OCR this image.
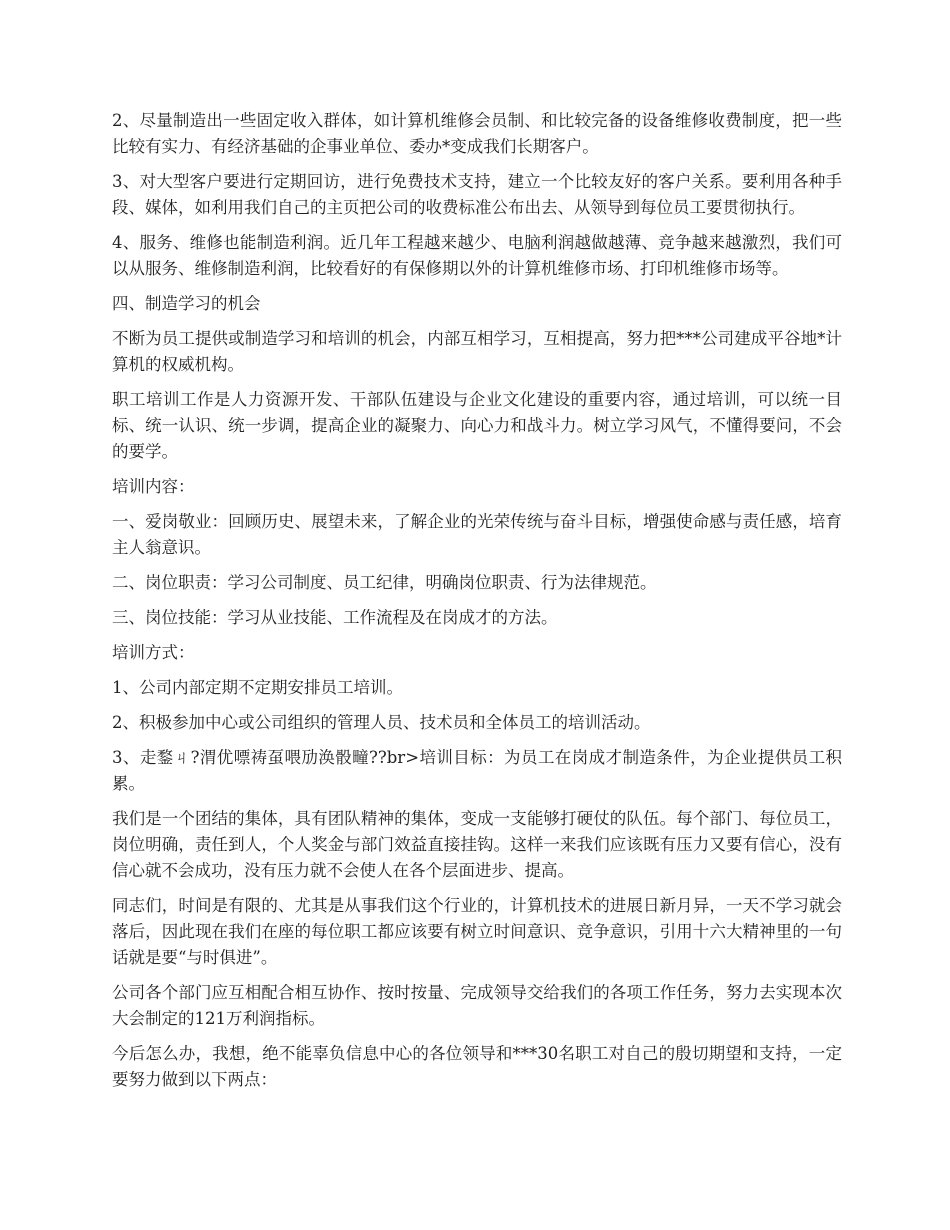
2、尽量制造出一些固定收入群体，如计算机维修会员制、和比较完备的设备维修收费制度，把一些比较有实力、有经济基础的企事业单位、委办*变成我们长期客户。

3、对大型客户要进行定期回访，进行免费技术支持，建立一个比较友好的客户关系。要利用各种手段、媒体，如利用我们自己的主页把公司的收费标准公布出去、从领导到每位员工要贯彻执行。

4、服务、维修也能制造利润。近几年工程越来越少、电脑利润越做越薄、竞争越来越激烈，我们可以从服务、维修制造利润，比较看好的有保修期以外的计算机维修市场、打印机维修市场等。

四、制造学习的机会

不断为员工提供或制造学习和培训的机会，内部互相学习，互相提高，努力把***公司建成平谷地*计算机的权威机构。

职工培训工作是人力资源开发、干部队伍建设与企业文化建设的重要内容，通过培训，可以统一目标、统一认识、统一步调，提高企业的凝聚力、向心力和战斗力。树立学习风气，不懂得要问，不会的要学。

培训内容：

一、爱岗敬业：回顾历史、展望未来，了解企业的光荣传统与奋斗目标，增强使命感与责任感，培育主人翁意识。

二、岗位职责：学习公司制度、员工纪律，明确岗位职责、行为法律规范。

三、岗位技能：学习从业技能、工作流程及在岗成才的方法。

培训方式：

1、公司内部定期不定期安排员工培训。

2、积极参加中心或公司组织的管理人员、技术员和全体员工的培训活动。

3、走鍪ㄐ?渭优嘌祷虿喂劢涣骰疃??br>培训目标：为员工在岗成才制造条件，为企业提供员工积累。

我们是一个团结的集体，具有团队精神的集体，变成一支能够打硬仗的队伍。每个部门、每位员工，岗位明确，责任到人，个人奖金与部门效益直接挂钩。这样一来我们应该既有压力又要有信心，没有信心就不会成功，没有压力就不会使人在各个层面进步、提高。

同志们，时间是有限的、尤其是从事我们这个行业的，计算机技术的进展日新月异，一天不学习就会落后，因此现在我们在座的每位职工都应该要有树立时间意识、竞争意识，引用十六大精神里的一句话就是要“与时俱进”。

公司各个部门应互相配合相互协作、按时按量、完成领导交给我们的各项工作任务，努力去实现本次大会制定的121万利润指标。

今后怎么办，我想，绝不能辜负信息中心的各位领导和***30名职工对自己的殷切期望和支持，一定要努力做到以下两点：
